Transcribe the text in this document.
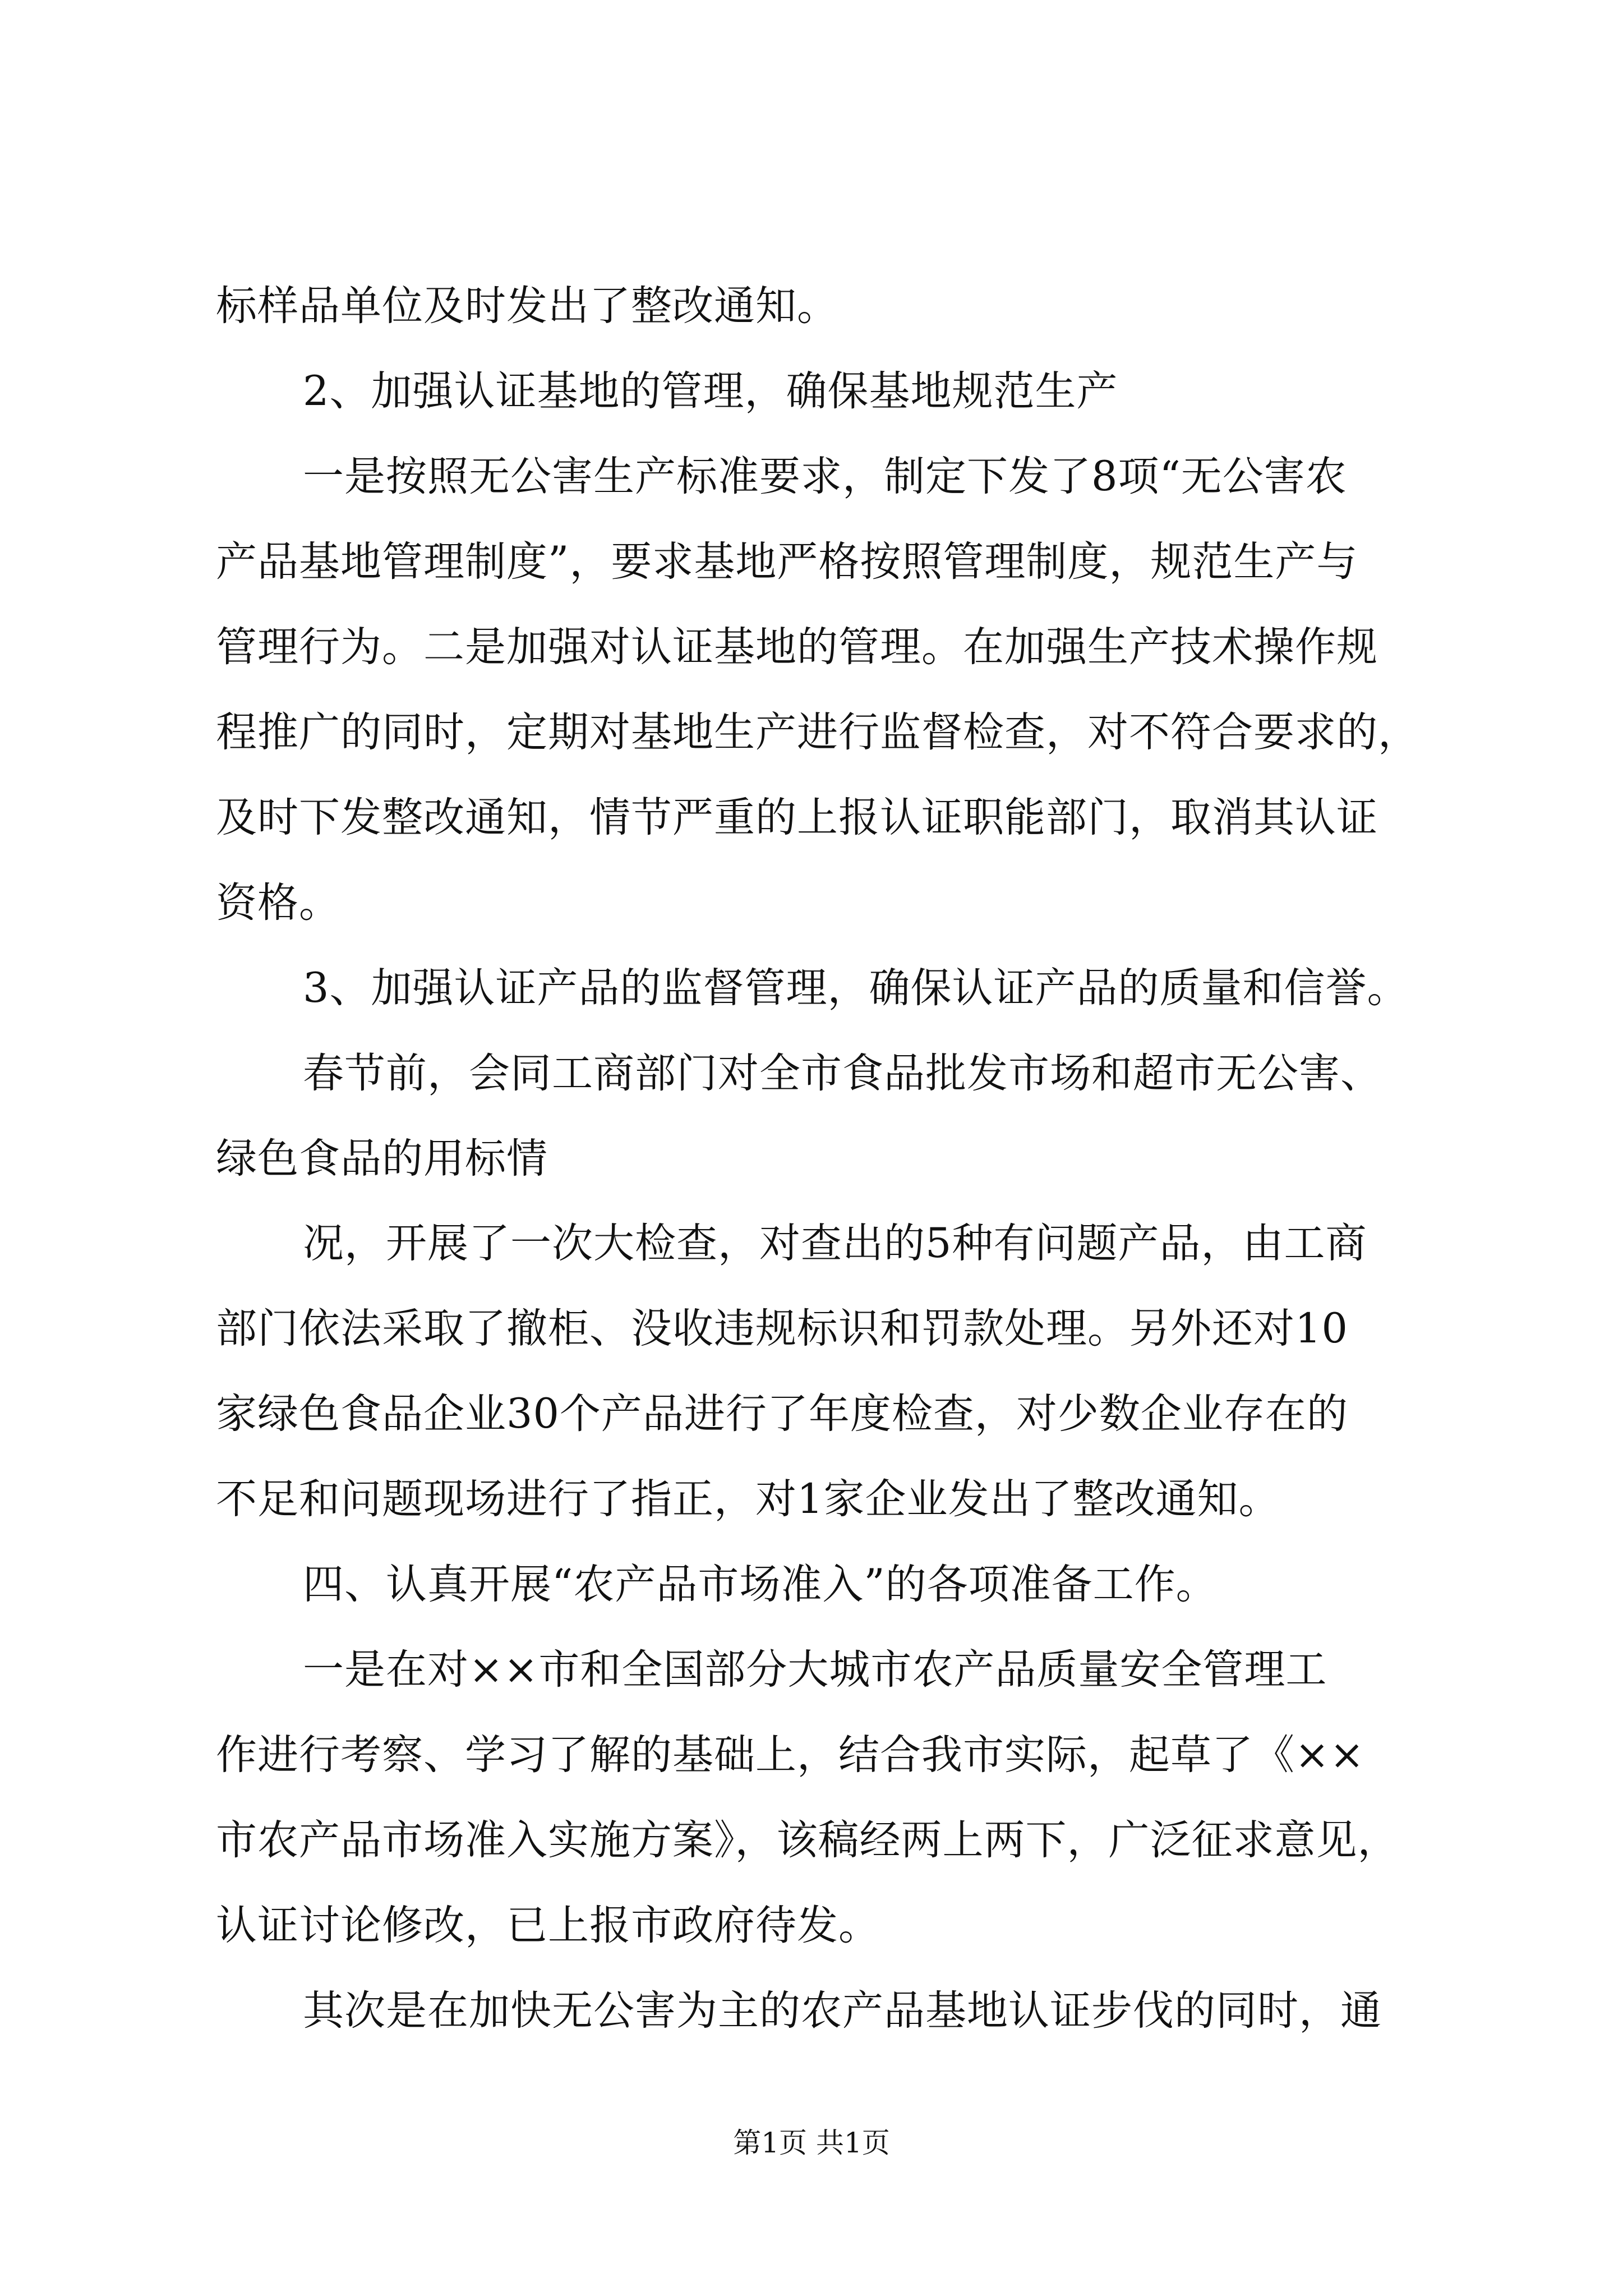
标样品单位及时发出了整改通知。
2、加强认证基地的管理，确保基地规范生产
一是按照无公害生产标准要求，制定下发了8项“无公害农
产品基地管理制度”，要求基地严格按照管理制度，规范生产与
管理行为。二是加强对认证基地的管理。在加强生产技术操作规
程推广的同时，定期对基地生产进行监督检查，对不符合要求的，
及时下发整改通知，情节严重的上报认证职能部门，取消其认证
资格。
3、加强认证产品的监督管理，确保认证产品的质量和信誉。
春节前，会同工商部门对全市食品批发市场和超市无公害、
绿色食品的用标情
况，开展了一次大检查，对查出的5种有问题产品，由工商
部门依法采取了撤柜、没收违规标识和罚款处理。另外还对10
家绿色食品企业30个产品进行了年度检查，对少数企业存在的
不足和问题现场进行了指正，对1家企业发出了整改通知。
四、认真开展“农产品市场准入”的各项准备工作。
一是在对××市和全国部分大城市农产品质量安全管理工
作进行考察、学习了解的基础上，结合我市实际，起草了《××
市农产品市场准入实施方案》，该稿经两上两下，广泛征求意见，
认证讨论修改，已上报市政府待发。
其次是在加快无公害为主的农产品基地认证步伐的同时，通
第1页 共1页
